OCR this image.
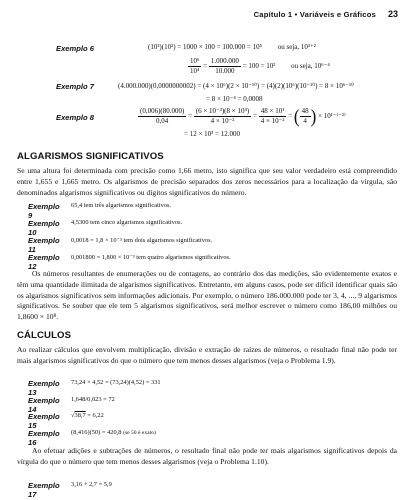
Capítulo 1 • Variáveis e Gráficos 23
Exemplo 6	(10³)(10²) = 1000 × 100 = 100.000 = 10⁵ ou seja, 10³⁺²
$\frac{\text{10⁶}}{\text{10⁴}} = \frac{1.000.000}{10.000} = 100 = 10^2$ ou seja, 10⁶⁻⁴
Exemplo 7	(4.000.000)(0,0000000002) = (4 × 10⁶)(2 × 10⁻¹⁰) = (4)(2)(10⁶)(10⁻¹⁰) = 8 × 10⁶⁻¹⁰
= 8 × 10⁻⁴ = 0,0008
Exemplo 8	$\frac{(0,006)(80.000)}{0,04} = \frac{\text{(6 × 10⁻³)(8 × 10⁴)}}{\text{4 × 10⁻²}} = \frac{\text{48 × 10¹}}{\text{4 × 10⁻²}}$ = ( $\frac{48}{4}$ ) × 10¹⁻⁽⁻²⁾
= 12 × 10³ = 12.000
ALGARISMOS SIGNIFICATIVOS

Se uma altura foi determinada com precisão como 1,66 metro, isto significa que seu valor verdadeiro está compreendido entre 1,655 e 1,665 metro. Os algarismos de precisão separados dos zeros necessários para a localização da vírgula, são denominados algarismos significativos ou dígitos significativos do número.

Exemplo 9
65,4 tem três algarismos significativos.
Exemplo 10
4,5300 tem cinco algarismos significativos.
Exemplo 11
0,0018 = 1,8 × 10⁻³ tem dois algarismos significativos.
Exemplo 12
0,001800 = 1,800 × 10⁻³ tem quatro algarismos significativos.

Os números resultantes de enumerações ou de contagens, ao contrário dos das medições, são evidentemente exatos e têm uma quantidade ilimitada de algarismos significativos. Entretanto, em alguns casos, pode ser difícil identificar quais são os algarismos significativos sem informações adicionais. Por exemplo, o número 186.000.000 pode ter 3, 4, ..., 9 algarismos significativos. Se souber que ele tem 5 algarismos significativos, será melhor escrever o número como 186,00 milhões ou 1,8600 × 10⁸.

CÁLCULOS

Ao realizar cálculos que envolvem multiplicação, divisão e extração de raízes de números, o resultado final não pode ter mais algarismos significativos do que o número que tem menos desses algarismos (veja o Problema 1.9).

Exemplo 13
73,24 × 4,52 = (73,24)(4,52) = 331
Exemplo 14
1,648/0,023 = 72
Exemplo 15
√38,7 = 6,22
Exemplo 16
(8,416)(50) = 420,8 (se 50 é exato)

Ao efetuar adições e subtrações de números, o resultado final não pode ter mais algarismos significativos depois da vírgula do que o número que tem menos desses algarismos (veja o Problema 1.10).

Exemplo 17
3,16 + 2,7 = 5,9
